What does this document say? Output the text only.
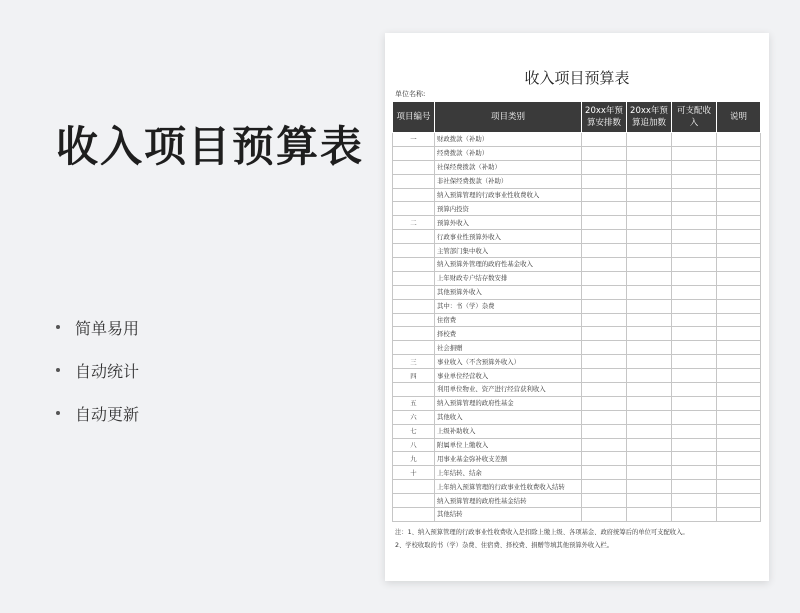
收入项目预算表
简单易用
自动统计
自动更新
收入项目预算表
单位名称:
项目编号	项目类别	20xx年预算安排数	20xx年预算追加数	可支配收入	说明
一	财政拨款（补助）				
	经费拨款（补助）				
	社保经费拨款（补助）				
	非社保经费拨款（补助）				
	纳入预算管理的行政事业性收费收入				
	预算内投资				
二	预算外收入				
	行政事业性预算外收入				
	主管部门集中收入				
	纳入预算外管理的政府性基金收入				
	上年财政专户结存数安排				
	其他预算外收入				
	其中：书（学）杂费				
	住宿费				
	择校费				
	社会捐赠				
三	事业收入（不含预算外收入）				
四	事业单位经营收入				
	利用单位物业、资产进行经营获利收入				
五	纳入预算管理的政府性基金				
六	其他收入				
七	上级补助收入				
八	附属单位上缴收入				
九	用事业基金弥补收支差额				
十	上年结转、结余				
	上年纳入预算管理的行政事业性收费收入结转				
	纳入预算管理的政府性基金结转				
	其他结转				
注：1、纳入预算管理的行政事业性收费收入是扣除上缴上级、各项基金、政府统筹后的单位可支配收入。
2、学校收取的书（学）杂费、住宿费、择校费、捐赠等填其他预算外收入栏。
